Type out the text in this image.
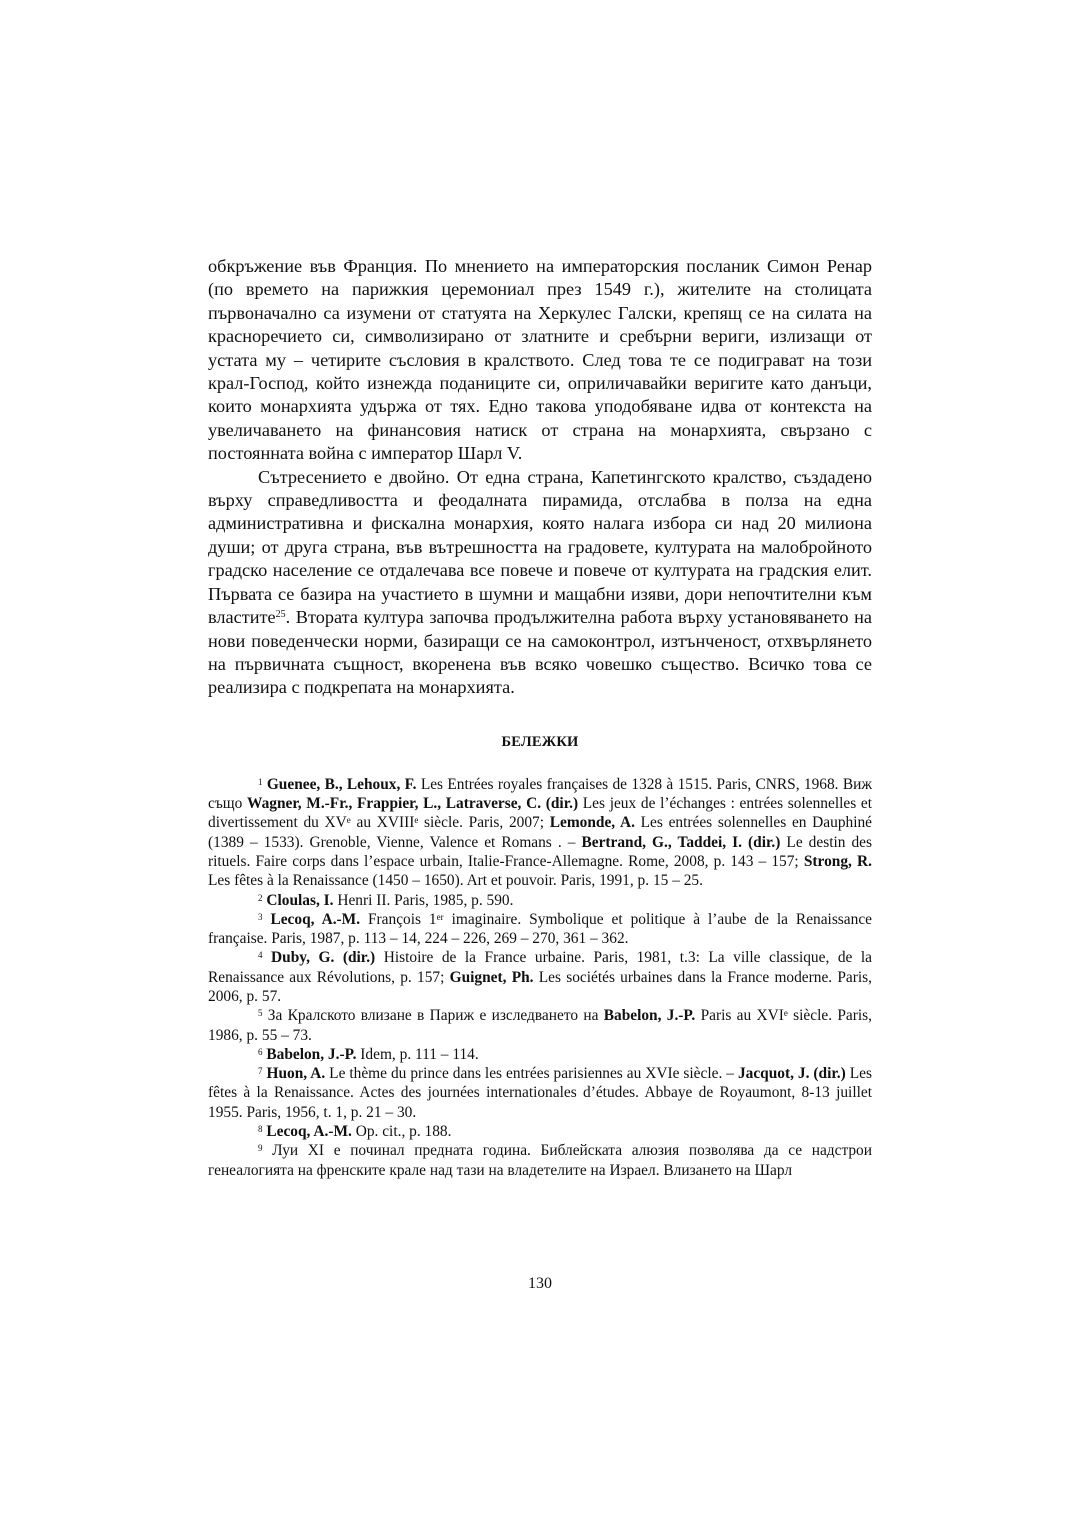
обкръжение във Франция. По мнението на императорския посланик Симон Ренар (по времето на парижкия церемониал през 1549 г.), жителите на столицата първоначално са изумени от статуята на Херкулес Галски, крепящ се на силата на красноречието си, символизирано от златните и сребърни вериги, излизащи от устата му – четирите съсловия в кралството. След това те се подиграват на този крал-Господ, който изнежда поданиците си, оприличавайки веригите като данъци, които монархията удържа от тях. Едно такова уподобяване идва от контекста на увеличаването на финансовия натиск от страна на монархията, свързано с постоянната война с император Шарл V.

Сътресението е двойно. От една страна, Капетингското кралство, създадено върху справедливостта и феодалната пирамида, отслабва в полза на една административна и фискална монархия, която налага избора си над 20 милиона души; от друга страна, във вътрешността на градовете, културата на малобройното градско население се отдалечава все повече и повече от културата на градския елит. Първата се базира на участието в шумни и мащабни изяви, дори непочтителни към властите$^{25}$. Втората култура започва продължителна работа върху установяването на нови поведенчески норми, базиращи се на самоконтрол, изтънченост, отхвърлянето на първичната същност, вкоренена във всяко човешко същество. Всичко това се реализира с подкрепата на монархията.

БЕЛЕЖКИ

$^1$ Guenee, B., Lehoux, F. Les Entrées royales françaises de 1328 à 1515. Paris, CNRS, 1968. Виж също Wagner, M.-Fr., Frappier, L., Latraverse, C. (dir.) Les jeux de l’échanges : entrées solennelles et divertissement du XVe au XVIIIe siècle. Paris, 2007; Lemonde, A. Les entrées solennelles en Dauphiné (1389 – 1533). Grenoble, Vienne, Valence et Romans . – Bertrand, G., Taddei, I. (dir.) Le destin des rituels. Faire corps dans l’espace urbain, Italie-France-Allemagne. Rome, 2008, p. 143 – 157; Strong, R. Les fêtes à la Renaissance (1450 – 1650). Art et pouvoir. Paris, 1991, p. 15 – 25.

$^2$ Cloulas, I. Henri II. Paris, 1985, p. 590.

$^3$ Lecoq, A.-M. François 1er imaginaire. Symbolique et politique à l’aube de la Renaissance française. Paris, 1987, p. 113 – 14, 224 – 226, 269 – 270, 361 – 362.

$^4$ Duby, G. (dir.) Histoire de la France urbaine. Paris, 1981, t.3: La ville classique, de la Renaissance aux Révolutions, p. 157; Guignet, Ph. Les sociétés urbaines dans la France moderne. Paris, 2006, p. 57.

$^5$ За Кралското влизане в Париж е изследването на Babelon, J.-P. Paris au XVIe siècle. Paris, 1986, p. 55 – 73.

$^6$ Babelon, J.-P. Idem, p. 111 – 114.

$^7$ Huon, A. Le thème du prince dans les entrées parisiennes au XVIe siècle. – Jacquot, J. (dir.) Les fêtes à la Renaissance. Actes des journées internationales d’études. Abbaye de Royaumont, 8-13 juillet 1955. Paris, 1956, t. 1, p. 21 – 30.

$^8$ Lecoq, A.-M. Op. cit., p. 188.

$^9$ Луи XI е починал предната година. Библейската алюзия позволява да се надстрои генеалогията на френските крале над тази на владетелите на Израел. Влизането на Шарл

130
